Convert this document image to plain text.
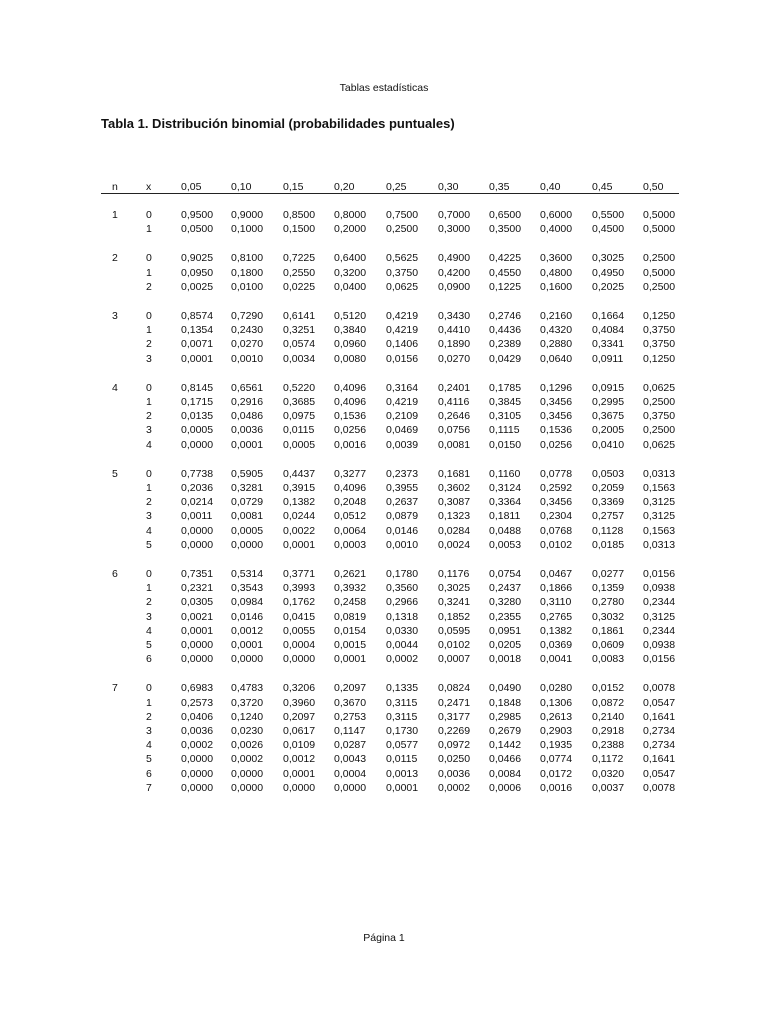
Tablas estadísticas
Tabla 1. Distribución binomial (probabilidades puntuales)
n	x	0,05	0,10	0,15	0,20	0,25	0,30	0,35	0,40	0,45	0,50
1	0	0,9500 0,9000 0,8500 0,8000 0,7500 0,7000 0,6500 0,6000 0,5500 0,5000
1	0,0500 0,1000 0,1500 0,2000 0,2500 0,3000 0,3500 0,4000 0,4500 0,5000
2	0	0,9025 0,8100 0,7225 0,6400 0,5625 0,4900 0,4225 0,3600 0,3025 0,2500
1	0,0950 0,1800 0,2550 0,3200 0,3750 0,4200 0,4550 0,4800 0,4950 0,5000
2	0,0025 0,0100 0,0225 0,0400 0,0625 0,0900 0,1225 0,1600 0,2025 0,2500
3	0	0,8574 0,7290 0,6141 0,5120 0,4219 0,3430 0,2746 0,2160 0,1664 0,1250
1	0,1354 0,2430 0,3251 0,3840 0,4219 0,4410 0,4436 0,4320 0,4084 0,3750
2	0,0071 0,0270 0,0574 0,0960 0,1406 0,1890 0,2389 0,2880 0,3341 0,3750
3	0,0001 0,0010 0,0034 0,0080 0,0156 0,0270 0,0429 0,0640 0,0911 0,1250
4	0	0,8145 0,6561 0,5220 0,4096 0,3164 0,2401 0,1785 0,1296 0,0915 0,0625
1	0,1715 0,2916 0,3685 0,4096 0,4219 0,4116 0,3845 0,3456 0,2995 0,2500
2	0,0135 0,0486 0,0975 0,1536 0,2109 0,2646 0,3105 0,3456 0,3675 0,3750
3	0,0005 0,0036 0,0115 0,0256 0,0469 0,0756 0,1115 0,1536 0,2005 0,2500
4	0,0000 0,0001 0,0005 0,0016 0,0039 0,0081 0,0150 0,0256 0,0410 0,0625
5	0	0,7738 0,5905 0,4437 0,3277 0,2373 0,1681 0,1160 0,0778 0,0503 0,0313
1	0,2036 0,3281 0,3915 0,4096 0,3955 0,3602 0,3124 0,2592 0,2059 0,1563
2	0,0214 0,0729 0,1382 0,2048 0,2637 0,3087 0,3364 0,3456 0,3369 0,3125
3	0,0011 0,0081 0,0244 0,0512 0,0879 0,1323 0,1811 0,2304 0,2757 0,3125
4	0,0000 0,0005 0,0022 0,0064 0,0146 0,0284 0,0488 0,0768 0,1128 0,1563
5	0,0000 0,0000 0,0001 0,0003 0,0010 0,0024 0,0053 0,0102 0,0185 0,0313
6	0	0,7351 0,5314 0,3771 0,2621 0,1780 0,1176 0,0754 0,0467 0,0277 0,0156
1	0,2321 0,3543 0,3993 0,3932 0,3560 0,3025 0,2437 0,1866 0,1359 0,0938
2	0,0305 0,0984 0,1762 0,2458 0,2966 0,3241 0,3280 0,3110 0,2780 0,2344
3	0,0021 0,0146 0,0415 0,0819 0,1318 0,1852 0,2355 0,2765 0,3032 0,3125
4	0,0001 0,0012 0,0055 0,0154 0,0330 0,0595 0,0951 0,1382 0,1861 0,2344
5	0,0000 0,0001 0,0004 0,0015 0,0044 0,0102 0,0205 0,0369 0,0609 0,0938
6	0,0000 0,0000 0,0000 0,0001 0,0002 0,0007 0,0018 0,0041 0,0083 0,0156
7	0	0,6983 0,4783 0,3206 0,2097 0,1335 0,0824 0,0490 0,0280 0,0152 0,0078
1	0,2573 0,3720 0,3960 0,3670 0,3115 0,2471 0,1848 0,1306 0,0872 0,0547
2	0,0406 0,1240 0,2097 0,2753 0,3115 0,3177 0,2985 0,2613 0,2140 0,1641
3	0,0036 0,0230 0,0617 0,1147 0,1730 0,2269 0,2679 0,2903 0,2918 0,2734
4	0,0002 0,0026 0,0109 0,0287 0,0577 0,0972 0,1442 0,1935 0,2388 0,2734
5	0,0000 0,0002 0,0012 0,0043 0,0115 0,0250 0,0466 0,0774 0,1172 0,1641
6	0,0000 0,0000 0,0001 0,0004 0,0013 0,0036 0,0084 0,0172 0,0320 0,0547
7	0,0000 0,0000 0,0000 0,0000 0,0001 0,0002 0,0006 0,0016 0,0037 0,0078
Página 1
